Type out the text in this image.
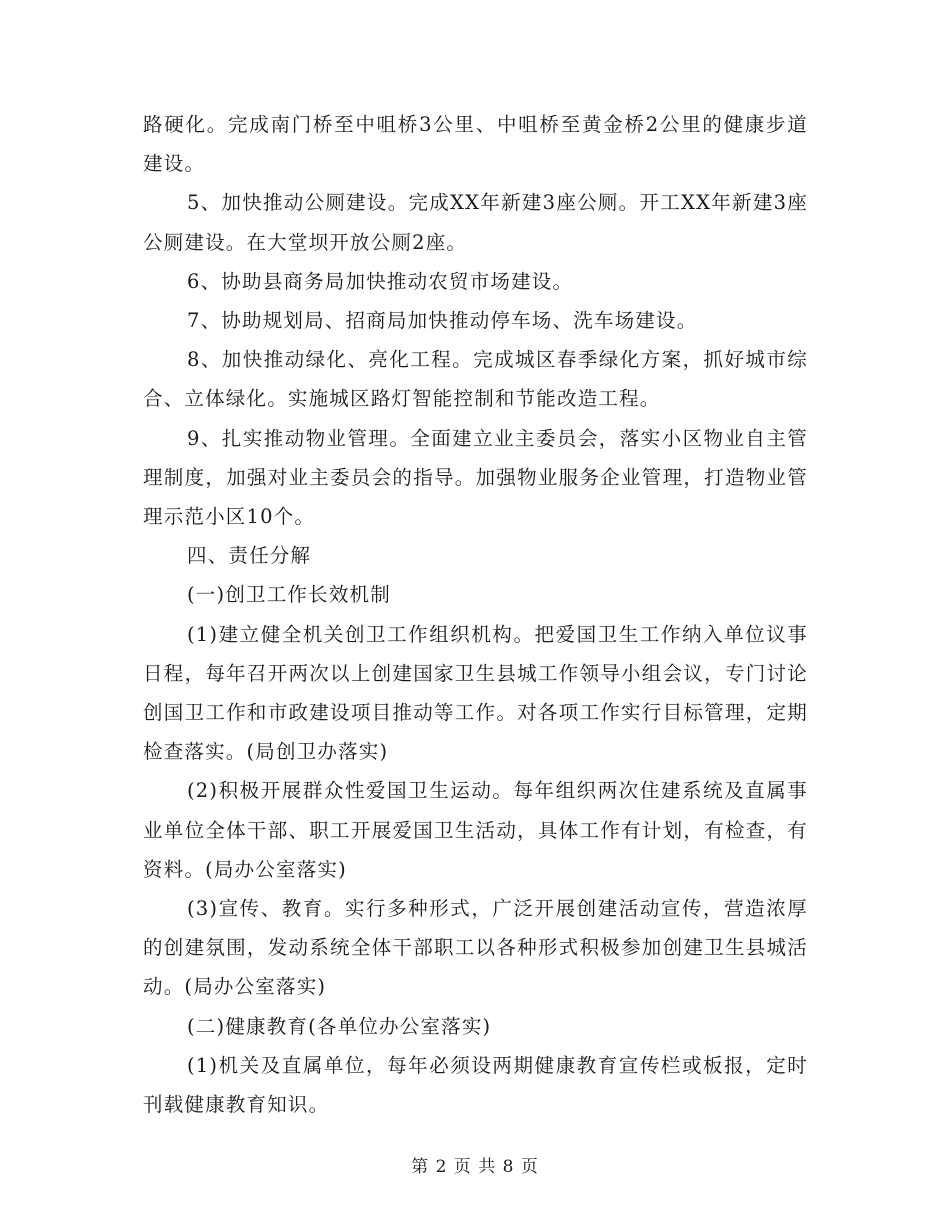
路硬化。完成南门桥至中咀桥3公里、中咀桥至黄金桥2公里的健康步道建设。

5、加快推动公厕建设。完成XX年新建3座公厕。开工XX年新建3座公厕建设。在大堂坝开放公厕2座。

6、协助县商务局加快推动农贸市场建设。

7、协助规划局、招商局加快推动停车场、洗车场建设。

8、加快推动绿化、亮化工程。完成城区春季绿化方案，抓好城市综合、立体绿化。实施城区路灯智能控制和节能改造工程。

9、扎实推动物业管理。全面建立业主委员会，落实小区物业自主管理制度，加强对业主委员会的指导。加强物业服务企业管理，打造物业管理示范小区10个。

四、责任分解

(一)创卫工作长效机制

(1)建立健全机关创卫工作组织机构。把爱国卫生工作纳入单位议事日程，每年召开两次以上创建国家卫生县城工作领导小组会议，专门讨论创国卫工作和市政建设项目推动等工作。对各项工作实行目标管理，定期检查落实。(局创卫办落实)

(2)积极开展群众性爱国卫生运动。每年组织两次住建系统及直属事业单位全体干部、职工开展爱国卫生活动，具体工作有计划，有检查，有资料。(局办公室落实)

(3)宣传、教育。实行多种形式，广泛开展创建活动宣传，营造浓厚的创建氛围，发动系统全体干部职工以各种形式积极参加创建卫生县城活动。(局办公室落实)

(二)健康教育(各单位办公室落实)

(1)机关及直属单位，每年必须设两期健康教育宣传栏或板报，定时刊载健康教育知识。

第 2 页 共 8 页
